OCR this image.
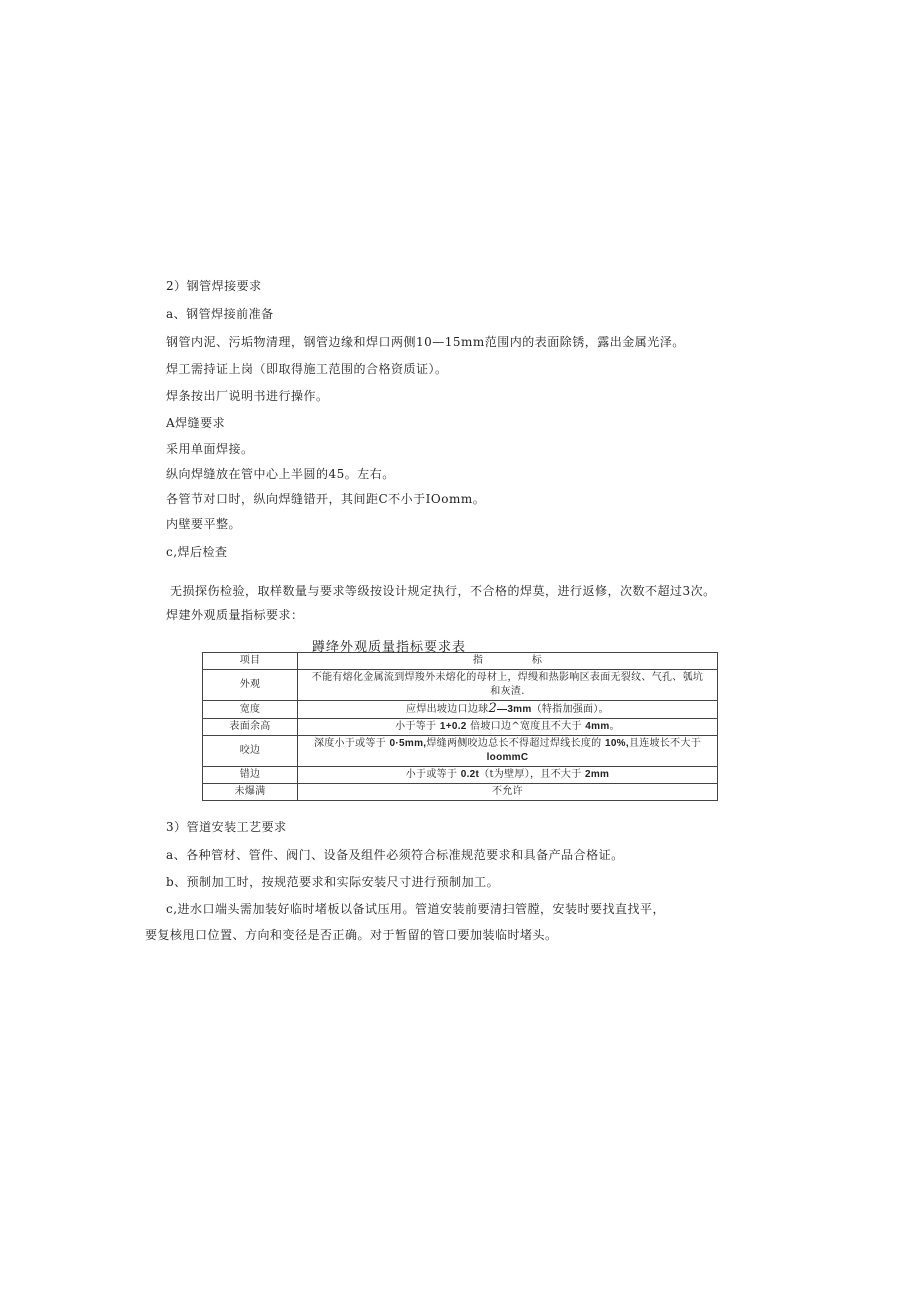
2）钢管焊接要求
a、钢管焊接前准备
钢管内泥、污垢物清理，钢管边缘和焊口两侧10—15mm范围内的表面除锈，露出金属光泽。
焊工需持证上岗（即取得施工范围的合格资质证）。
焊条按出厂说明书进行操作。
A焊缝要求
采用单面焊接。
纵向焊缝放在管中心上半圆的45。左右。
各管节对口时，纵向焊缝错开，其间距C不小于IOomm。
内壁要平整。
c,焊后检查
无损探伤检验，取样数量与要求等级按设计规定执行，不合格的焊莫，进行返修，次数不超过3次。
焊建外观质量指标要求：
蹲绛外观质量指标要求表
项目	指              标
外观	不能有熔化金属流到焊羧外未熔化的母材上，焊缦和热影响区表面无裂纹、气孔、瓠坑
和灰渣.

宽度	应焊出坡边口边球2—3mm（特指加强面）。
表面余高	小于等于 1+0.2 倍坡口边^宽度且不大于 4mm。
咬边	深度小于或等于 0·5mm,焊缝两侧咬边总长不得超过焊线长度的 10%,且连坡长不大于
loommC

错边	小于或等于 0.2t（t为壁厚），且不大于 2mm
未爆满	不允许
3）管道安装工艺要求
a、各种管材、管件、阀门、设备及组件必须符合标准规范要求和具备产品合格证。
b、预制加工时，按规范要求和实际安装尺寸进行预制加工。
c,进水口端头需加装好临时堵板以备试压用。管道安装前要清扫管膛，安装时要找直找平，
要复核甩口位置、方向和变径是否正确。对于暂留的管口要加装临时堵头。
